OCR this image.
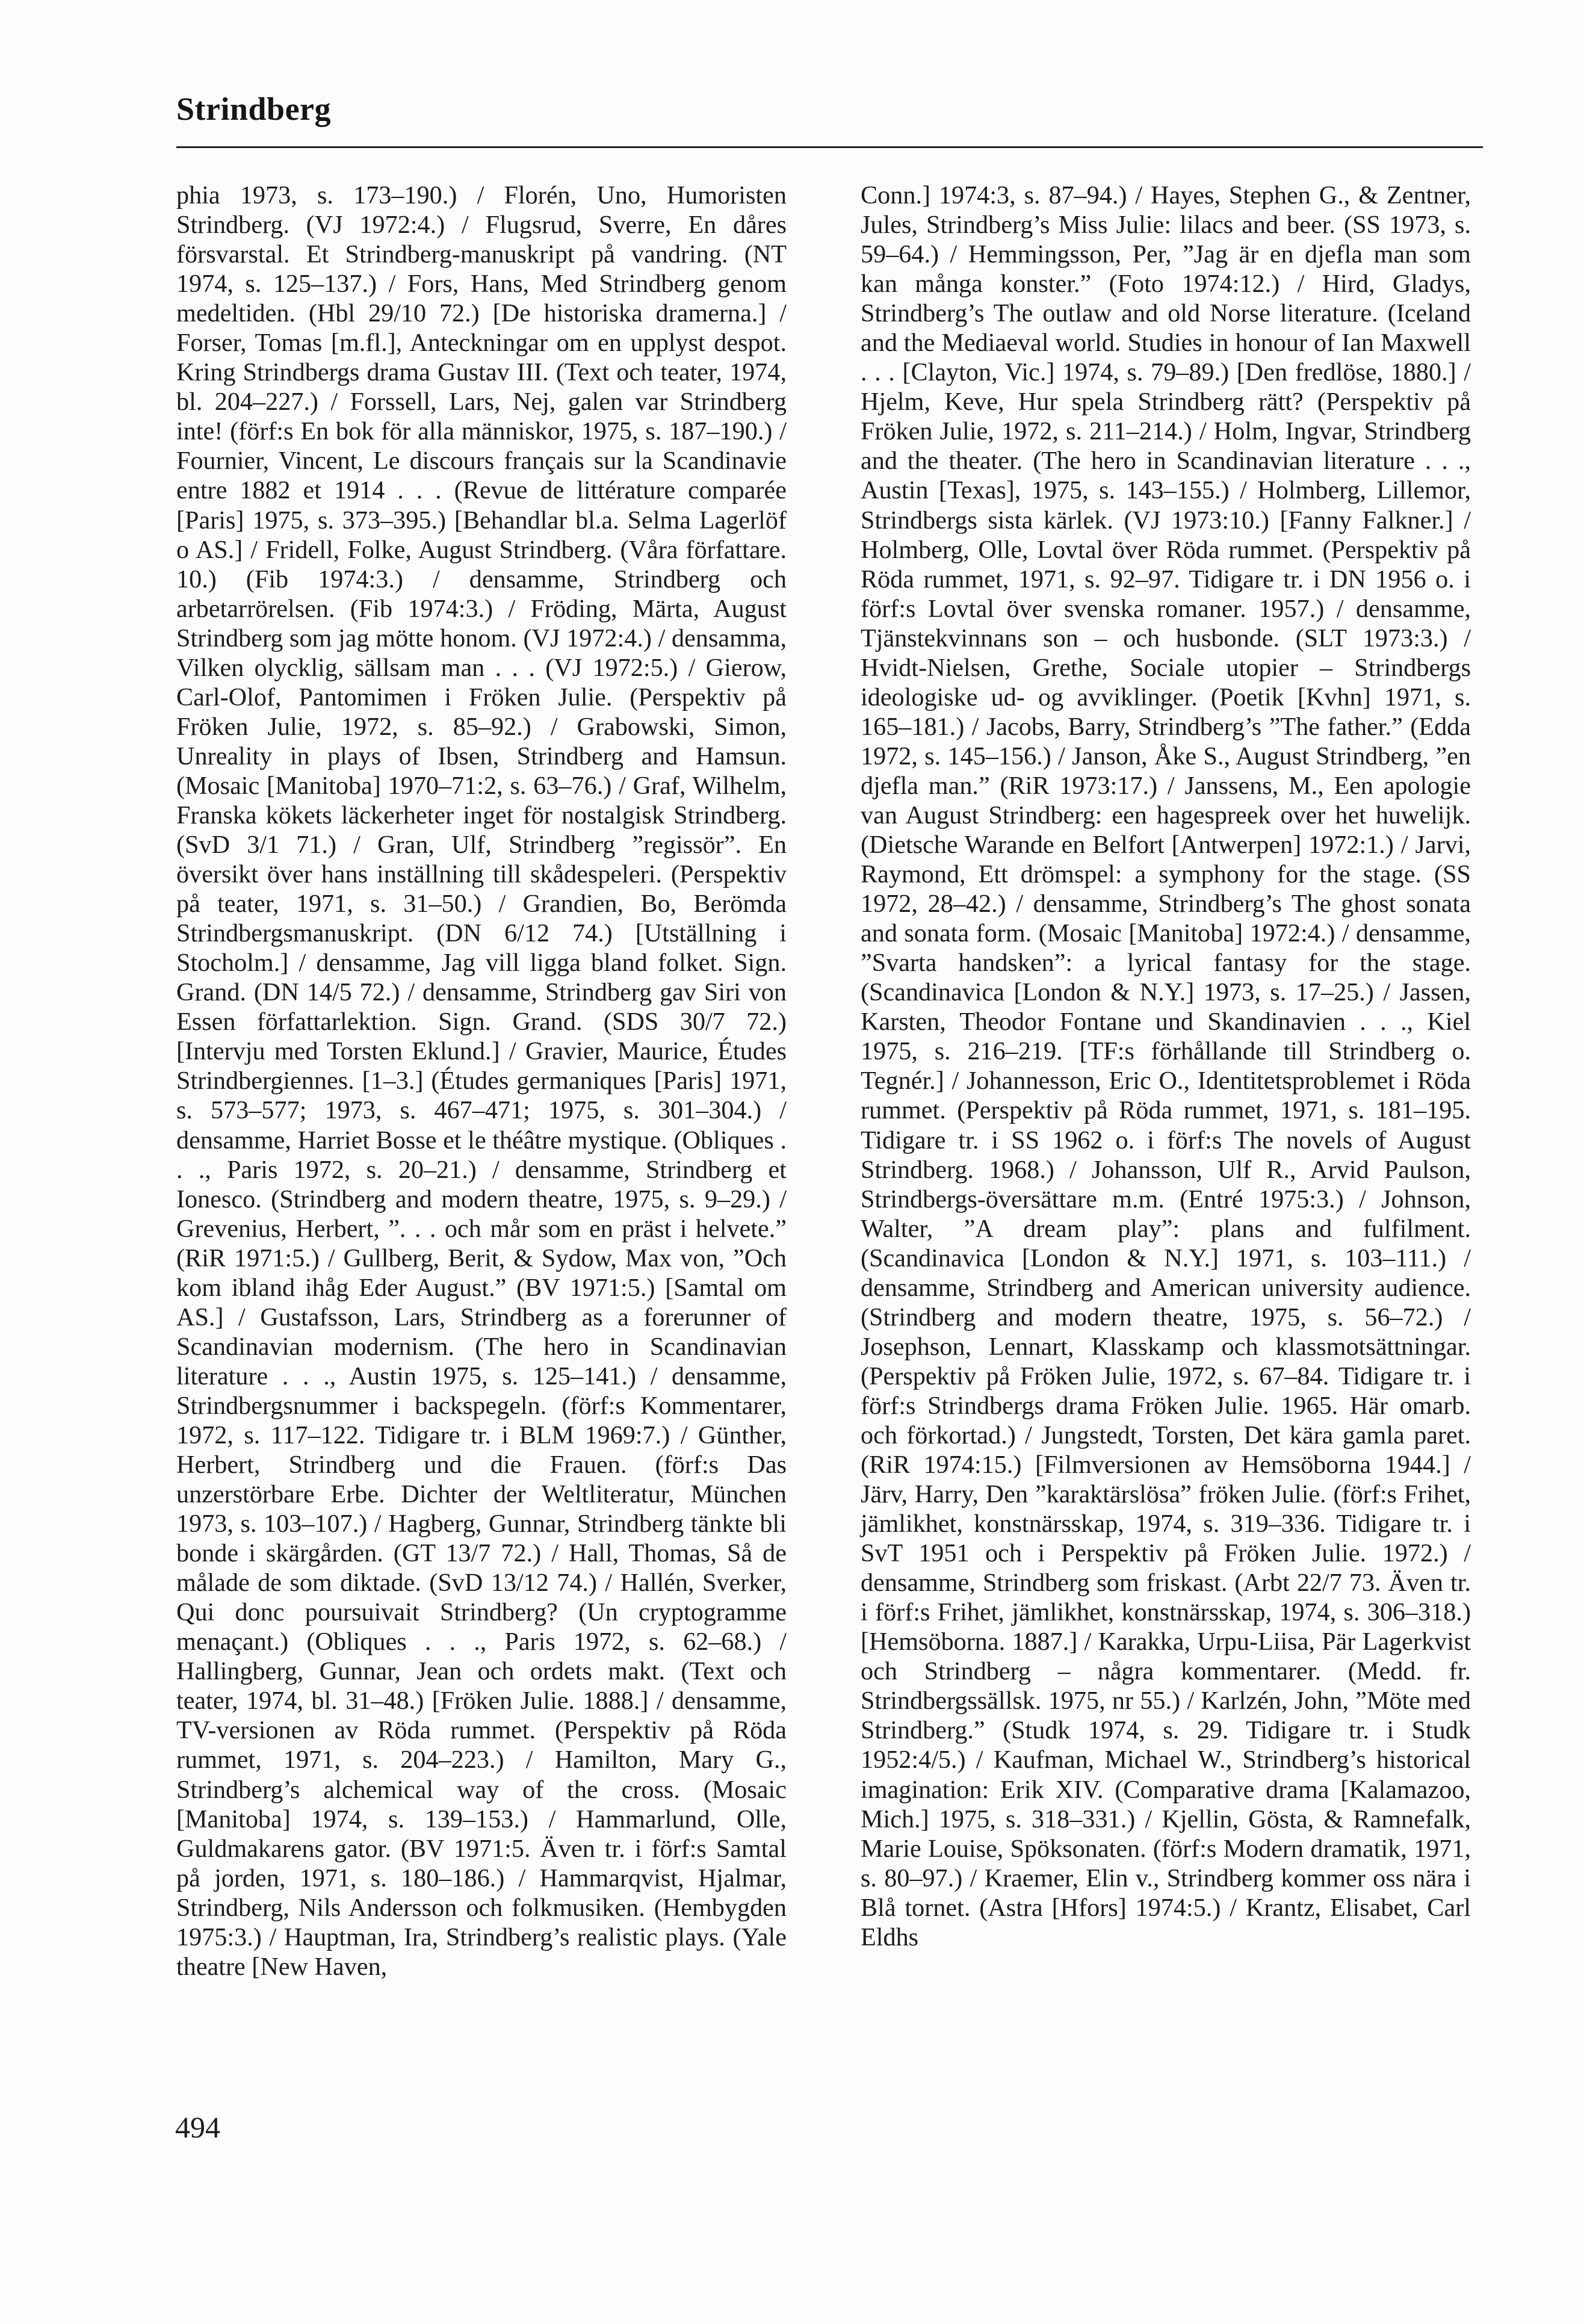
Strindberg
phia 1973, s. 173–190.) / Florén, Uno, Humoristen Strindberg. (VJ 1972:4.) / Flugsrud, Sverre, En dåres försvarstal. Et Strindberg-manuskript på vandring. (NT 1974, s. 125–137.) / Fors, Hans, Med Strindberg genom medeltiden. (Hbl 29/10 72.) [De historiska dramerna.] / Forser, Tomas [m.fl.], Anteckningar om en upplyst despot. Kring Strindbergs drama Gustav III. (Text och teater, 1974, bl. 204–227.) / Forssell, Lars, Nej, galen var Strindberg inte! (förf:s En bok för alla människor, 1975, s. 187–190.) / Fournier, Vincent, Le discours français sur la Scandinavie entre 1882 et 1914 . . . (Revue de littérature comparée [Paris] 1975, s. 373–395.) [Behandlar bl.a. Selma Lagerlöf o AS.] / Fridell, Folke, August Strindberg. (Våra författare. 10.) (Fib 1974:3.) / densamme, Strindberg och arbetarrörelsen. (Fib 1974:3.) / Fröding, Märta, August Strindberg som jag mötte honom. (VJ 1972:4.) / densamma, Vilken olycklig, sällsam man . . . (VJ 1972:5.) / Gierow, Carl-Olof, Pantomimen i Fröken Julie. (Perspektiv på Fröken Julie, 1972, s. 85–92.) / Grabowski, Simon, Unreality in plays of Ibsen, Strindberg and Hamsun. (Mosaic [Manitoba] 1970–71:2, s. 63–76.) / Graf, Wilhelm, Franska kökets läckerheter inget för nostalgisk Strindberg. (SvD 3/1 71.) / Gran, Ulf, Strindberg ”regissör”. En översikt över hans inställning till skådespeleri. (Perspektiv på teater, 1971, s. 31–50.) / Grandien, Bo, Berömda Strindbergsmanuskript. (DN 6/12 74.) [Utställning i Stocholm.] / densamme, Jag vill ligga bland folket. Sign. Grand. (DN 14/5 72.) / densamme, Strindberg gav Siri von Essen författarlektion. Sign. Grand. (SDS 30/7 72.) [Intervju med Torsten Eklund.] / Gravier, Maurice, Études Strindbergiennes. [1–3.] (Études germaniques [Paris] 1971, s. 573–577; 1973, s. 467–471; 1975, s. 301–304.) / densamme, Harriet Bosse et le théâtre mystique. (Obliques . . ., Paris 1972, s. 20–21.) / densamme, Strindberg et Ionesco. (Strindberg and modern theatre, 1975, s. 9–29.) / Grevenius, Herbert, ”. . . och mår som en präst i helvete.” (RiR 1971:5.) / Gullberg, Berit, & Sydow, Max von, ”Och kom ibland ihåg Eder August.” (BV 1971:5.) [Samtal om AS.] / Gustafsson, Lars, Strindberg as a forerunner of Scandinavian modernism. (The hero in Scandinavian literature . . ., Austin 1975, s. 125–141.) / densamme, Strindbergsnummer i backspegeln. (förf:s Kommentarer, 1972, s. 117–122. Tidigare tr. i BLM 1969:7.) / Günther, Herbert, Strindberg und die Frauen. (förf:s Das unzerstörbare Erbe. Dichter der Weltliteratur, München 1973, s. 103–107.) / Hagberg, Gunnar, Strindberg tänkte bli bonde i skärgården. (GT 13/7 72.) / Hall, Thomas, Så de målade de som diktade. (SvD 13/12 74.) / Hallén, Sverker, Qui donc poursuivait Strindberg? (Un cryptogramme menaçant.) (Obliques . . ., Paris 1972, s. 62–68.) / Hallingberg, Gunnar, Jean och ordets makt. (Text och teater, 1974, bl. 31–48.) [Fröken Julie. 1888.] / densamme, TV-versionen av Röda rummet. (Perspektiv på Röda rummet, 1971, s. 204–223.) / Hamilton, Mary G., Strindberg’s alchemical way of the cross. (Mosaic [Manitoba] 1974, s. 139–153.) / Hammarlund, Olle, Guldmakarens gator. (BV 1971:5. Även tr. i förf:s Samtal på jorden, 1971, s. 180–186.) / Hammarqvist, Hjalmar, Strindberg, Nils Andersson och folkmusiken. (Hembygden 1975:3.) / Hauptman, Ira, Strindberg’s realistic plays. (Yale theatre [New Haven,
Conn.] 1974:3, s. 87–94.) / Hayes, Stephen G., & Zentner, Jules, Strindberg’s Miss Julie: lilacs and beer. (SS 1973, s. 59–64.) / Hemmingsson, Per, ”Jag är en djefla man som kan många konster.” (Foto 1974:12.) / Hird, Gladys, Strindberg’s The outlaw and old Norse literature. (Iceland and the Mediaeval world. Studies in honour of Ian Maxwell . . . [Clayton, Vic.] 1974, s. 79–89.) [Den fredlöse, 1880.] / Hjelm, Keve, Hur spela Strindberg rätt? (Perspektiv på Fröken Julie, 1972, s. 211–214.) / Holm, Ingvar, Strindberg and the theater. (The hero in Scandinavian literature . . ., Austin [Texas], 1975, s. 143–155.) / Holmberg, Lillemor, Strindbergs sista kärlek. (VJ 1973:10.) [Fanny Falkner.] / Holmberg, Olle, Lovtal över Röda rummet. (Perspektiv på Röda rummet, 1971, s. 92–97. Tidigare tr. i DN 1956 o. i förf:s Lovtal över svenska romaner. 1957.) / densamme, Tjänstekvinnans son – och husbonde. (SLT 1973:3.) / Hvidt-Nielsen, Grethe, Sociale utopier – Strindbergs ideologiske ud- og avviklinger. (Poetik [Kvhn] 1971, s. 165–181.) / Jacobs, Barry, Strindberg’s ”The father.” (Edda 1972, s. 145–156.) / Janson, Åke S., August Strindberg, ”en djefla man.” (RiR 1973:17.) / Janssens, M., Een apologie van August Strindberg: een hagespreek over het huwelijk. (Dietsche Warande en Belfort [Antwerpen] 1972:1.) / Jarvi, Raymond, Ett drömspel: a symphony for the stage. (SS 1972, 28–42.) / densamme, Strindberg’s The ghost sonata and sonata form. (Mosaic [Manitoba] 1972:4.) / densamme, ”Svarta handsken”: a lyrical fantasy for the stage. (Scandinavica [London & N.Y.] 1973, s. 17–25.) / Jassen, Karsten, Theodor Fontane und Skandinavien . . ., Kiel 1975, s. 216–219. [TF:s förhållande till Strindberg o. Tegnér.] / Johannesson, Eric O., Identitetsproblemet i Röda rummet. (Perspektiv på Röda rummet, 1971, s. 181–195. Tidigare tr. i SS 1962 o. i förf:s The novels of August Strindberg. 1968.) / Johansson, Ulf R., Arvid Paulson, Strindbergs-översättare m.m. (Entré 1975:3.) / Johnson, Walter, ”A dream play”: plans and fulfilment. (Scandinavica [London & N.Y.] 1971, s. 103–111.) / densamme, Strindberg and American university audience. (Strindberg and modern theatre, 1975, s. 56–72.) / Josephson, Lennart, Klasskamp och klassmotsättningar. (Perspektiv på Fröken Julie, 1972, s. 67–84. Tidigare tr. i förf:s Strindbergs drama Fröken Julie. 1965. Här omarb. och förkortad.) / Jungstedt, Torsten, Det kära gamla paret. (RiR 1974:15.) [Filmversionen av Hemsöborna 1944.] / Järv, Harry, Den ”karaktärslösa” fröken Julie. (förf:s Frihet, jämlikhet, konstnärsskap, 1974, s. 319–336. Tidigare tr. i SvT 1951 och i Perspektiv på Fröken Julie. 1972.) / densamme, Strindberg som friskast. (Arbt 22/7 73. Även tr. i förf:s Frihet, jämlikhet, konstnärsskap, 1974, s. 306–318.) [Hemsöborna. 1887.] / Karakka, Urpu-Liisa, Pär Lagerkvist och Strindberg – några kommentarer. (Medd. fr. Strindbergssällsk. 1975, nr 55.) / Karlzén, John, ”Möte med Strindberg.” (Studk 1974, s. 29. Tidigare tr. i Studk 1952:4/5.) / Kaufman, Michael W., Strindberg’s historical imagination: Erik XIV. (Comparative drama [Kalamazoo, Mich.] 1975, s. 318–331.) / Kjellin, Gösta, & Ramnefalk, Marie Louise, Spöksonaten. (förf:s Modern dramatik, 1971, s. 80–97.) / Kraemer, Elin v., Strindberg kommer oss nära i Blå tornet. (Astra [Hfors] 1974:5.) / Krantz, Elisabet, Carl Eldhs
494
